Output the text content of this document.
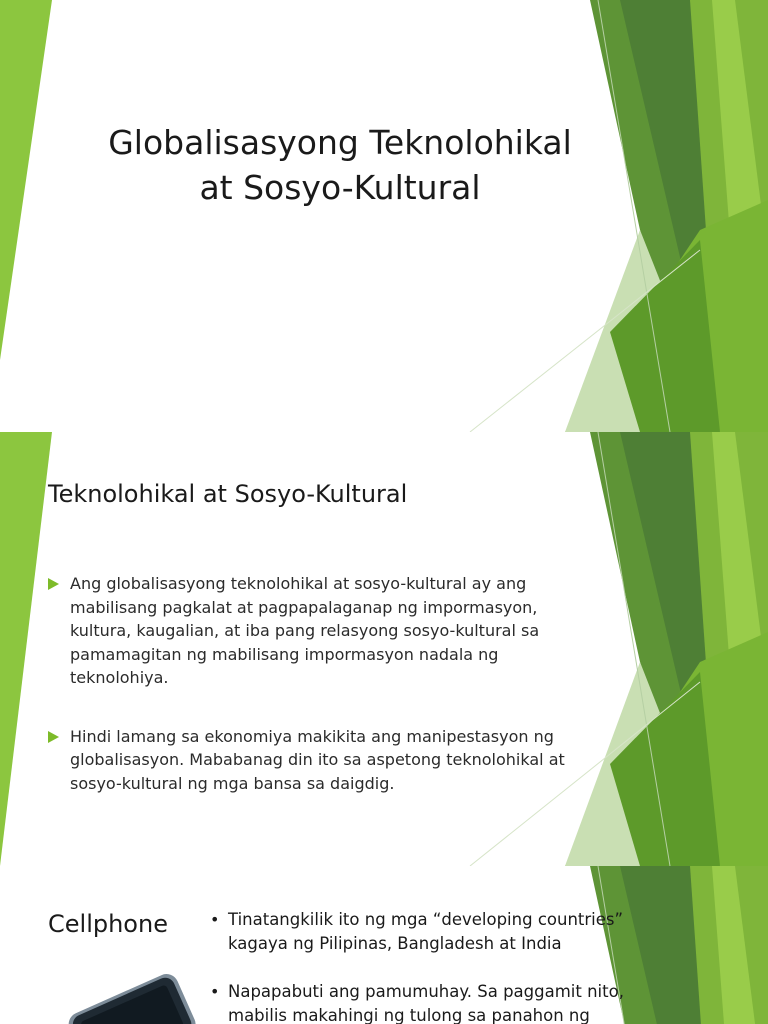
Globalisasyong Teknolohikal
at Sosyo-Kultural
Teknolohikal at Sosyo-Kultural
Ang globalisasyong teknolohikal at sosyo-kultural ay ang mabilisang pagkalat at pagpapalaganap ng impormasyon, kultura, kaugalian, at iba pang relasyong sosyo-kultural sa pamamagitan ng mabilisang impormasyon nadala ng teknolohiya.
Hindi lamang sa ekonomiya makikita ang manipestasyon ng globalisasyon. Mababanag din ito sa aspetong teknolohikal at sosyo-kultural ng mga bansa sa daigdig.
Cellphone	• Tinatangkilik ito ng mga “developing countries” kagaya ng Pilipinas, Bangladesh at India
• Napapabuti ang pamumuhay. Sa paggamit nito, mabilis makahingi ng tulong sa panahon ng
